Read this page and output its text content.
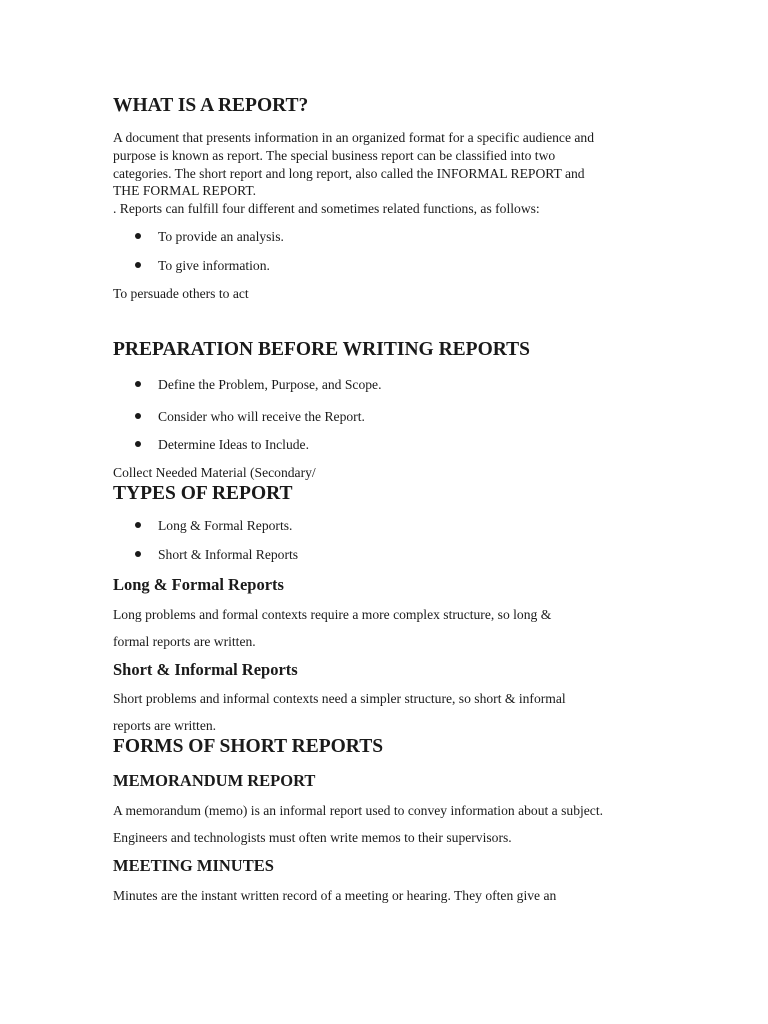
WHAT IS A REPORT?
A document that presents information in an organized format for a specific audience and
purpose is known as report. The special business report can be classified into two
categories. The short report and long report, also called the INFORMAL REPORT and
THE FORMAL REPORT.
. Reports can fulfill four different and sometimes related functions, as follows:
To provide an analysis.
To give information.
To persuade others to act
PREPARATION BEFORE WRITING REPORTS
Define the Problem, Purpose, and Scope.
Consider who will receive the Report.
Determine Ideas to Include.
Collect Needed Material (Secondary/
TYPES OF REPORT
Long & Formal Reports.
Short & Informal Reports
Long & Formal Reports
Long problems and formal contexts require a more complex structure, so long &
formal reports are written.
Short & Informal Reports
Short problems and informal contexts need a simpler structure, so short & informal
reports are written.
FORMS OF SHORT REPORTS
MEMORANDUM REPORT
A memorandum (memo) is an informal report used to convey information about a subject.
Engineers and technologists must often write memos to their supervisors.
MEETING MINUTES
Minutes are the instant written record of a meeting or hearing. They often give an
